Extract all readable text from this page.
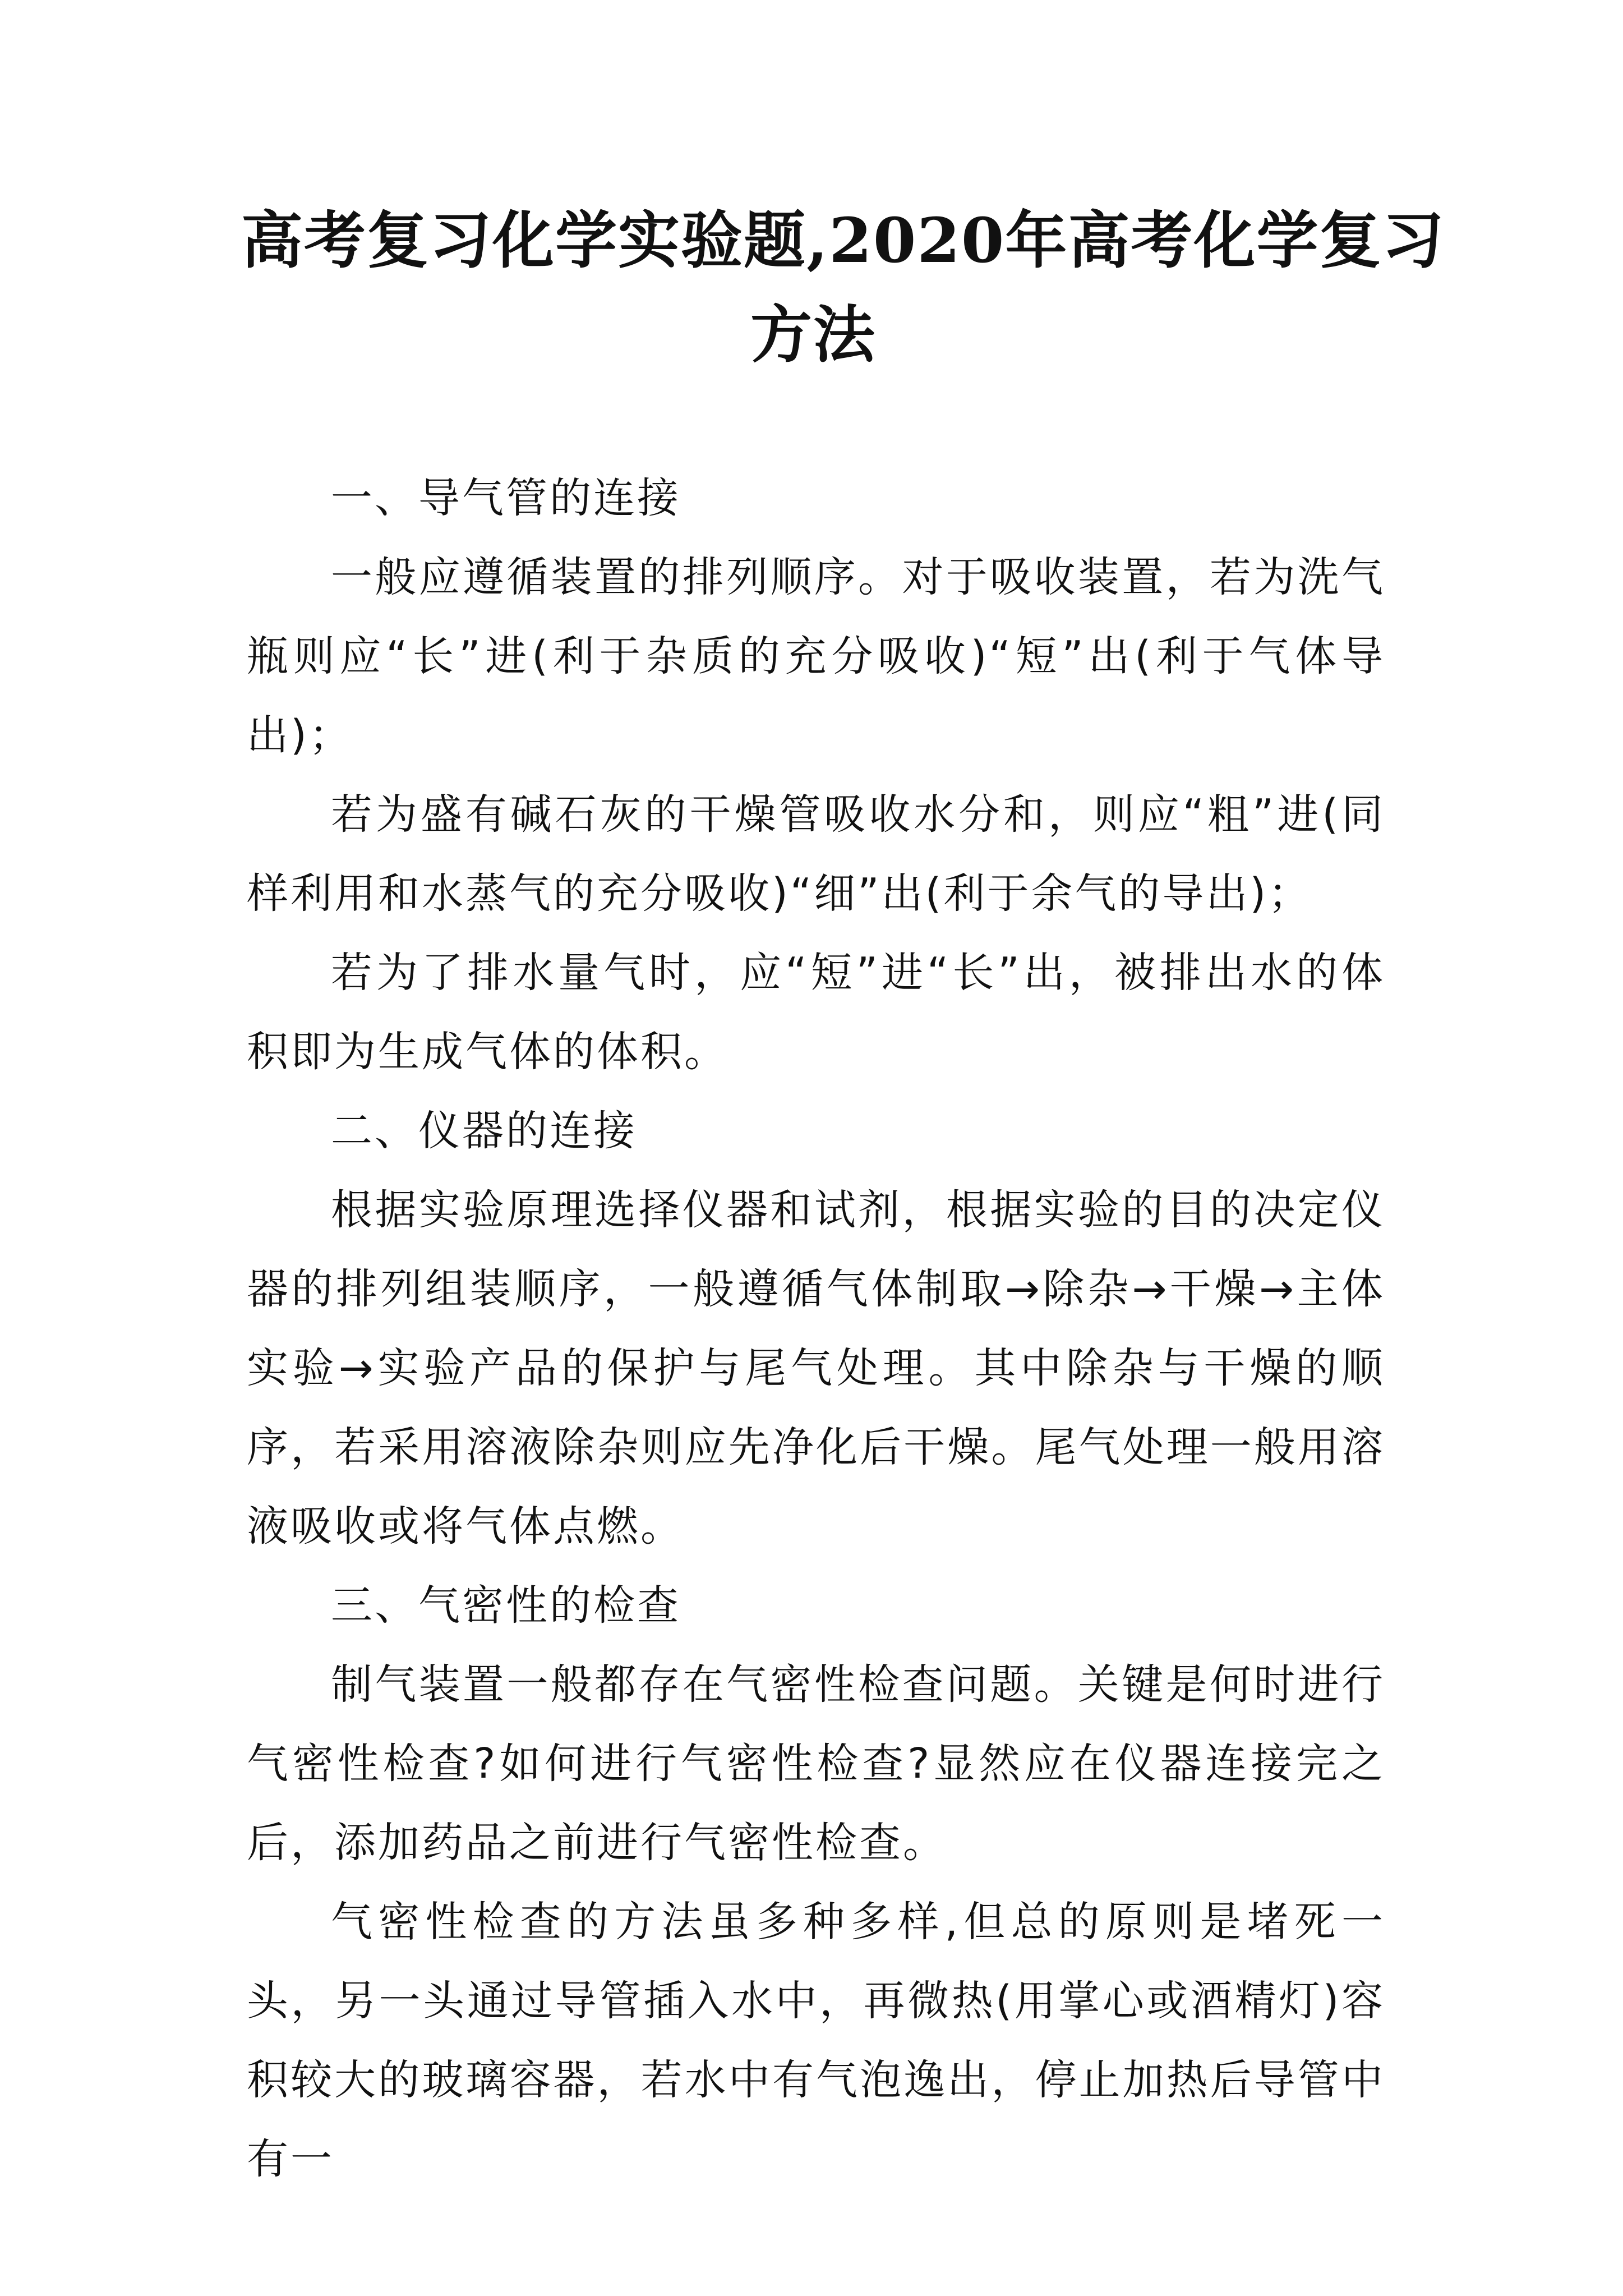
高考复习化学实验题,2020年高考化学复习
方法

一、导气管的连接

一般应遵循装置的排列顺序。对于吸收装置，若为洗气瓶则应“长”进(利于杂质的充分吸收)“短”出(利于气体导出)；

若为盛有碱石灰的干燥管吸收水分和，则应“粗”进(同样利用和水蒸气的充分吸收)“细”出(利于余气的导出)；

若为了排水量气时，应“短”进“长”出，被排出水的体积即为生成气体的体积。

二、仪器的连接

根据实验原理选择仪器和试剂，根据实验的目的决定仪器的排列组装顺序，一般遵循气体制取→除杂→干燥→主体实验→实验产品的保护与尾气处理。其中除杂与干燥的顺序，若采用溶液除杂则应先净化后干燥。尾气处理一般用溶液吸收或将气体点燃。

三、气密性的检查

制气装置一般都存在气密性检查问题。关键是何时进行气密性检查?如何进行气密性检查?显然应在仪器连接完之后，添加药品之前进行气密性检查。

气密性检查的方法虽多种多样,但总的原则是堵死一头，另一头通过导管插入水中，再微热(用掌心或酒精灯)容积较大的玻璃容器，若水中有气泡逸出，停止加热后导管中有一
